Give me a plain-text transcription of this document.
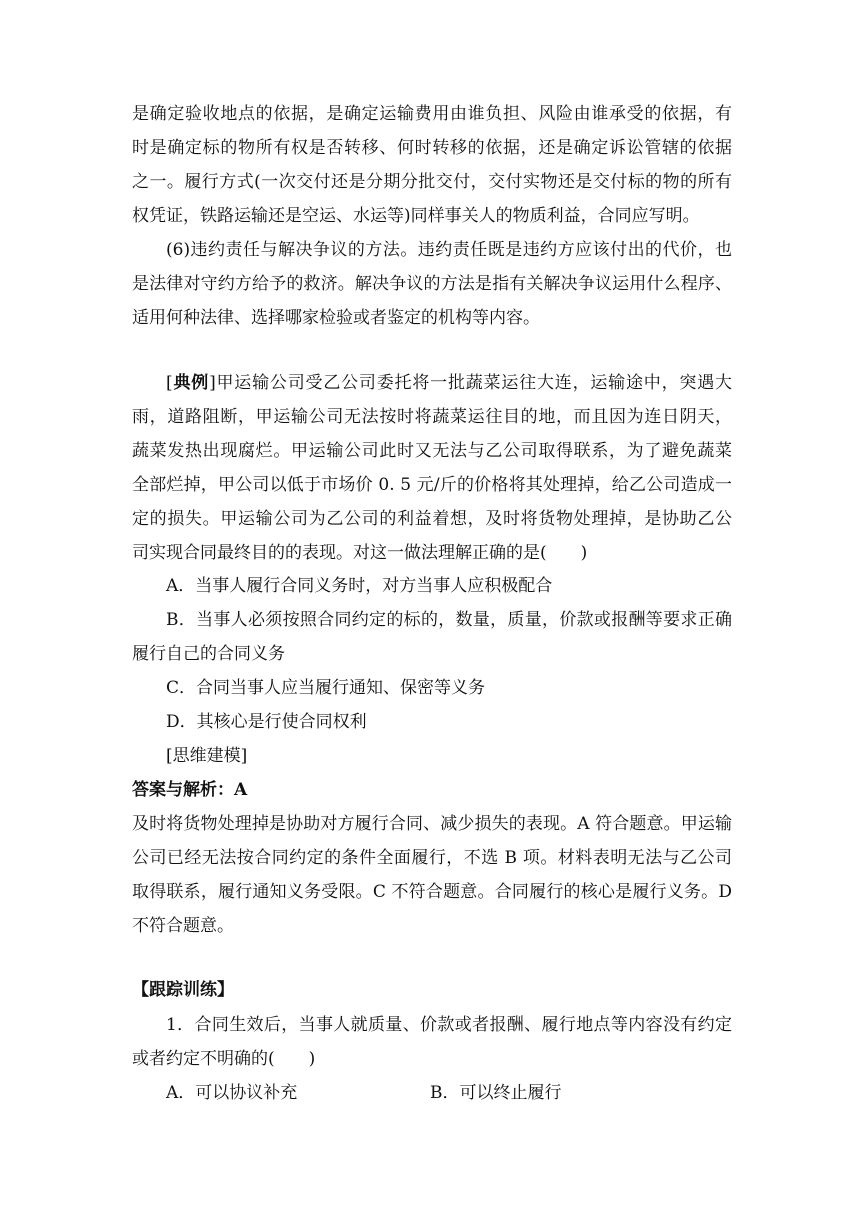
是确定验收地点的依据，是确定运输费用由谁负担、风险由谁承受的依据，有
时是确定标的物所有权是否转移、何时转移的依据，还是确定诉讼管辖的依据
之一。履行方式(一次交付还是分期分批交付，交付实物还是交付标的物的所有
权凭证，铁路运输还是空运、水运等)同样事关人的物质利益，合同应写明。
(6)违约责任与解决争议的方法。违约责任既是违约方应该付出的代价，也
是法律对守约方给予的救济。解决争议的方法是指有关解决争议运用什么程序、
适用何种法律、选择哪家检验或者鉴定的机构等内容。
[典例]甲运输公司受乙公司委托将一批蔬菜运往大连，运输途中，突遇大
雨，道路阻断，甲运输公司无法按时将蔬菜运往目的地，而且因为连日阴天，
蔬菜发热出现腐烂。甲运输公司此时又无法与乙公司取得联系，为了避免蔬菜
全部烂掉，甲公司以低于市场价 0. 5 元/斤的价格将其处理掉，给乙公司造成一
定的损失。甲运输公司为乙公司的利益着想，及时将货物处理掉，是协助乙公
司实现合同最终目的的表现。对这一做法理解正确的是(　　)
A．当事人履行合同义务时，对方当事人应积极配合
B．当事人必须按照合同约定的标的，数量，质量，价款或报酬等要求正确
履行自己的合同义务
C．合同当事人应当履行通知、保密等义务
D．其核心是行使合同权利
[思维建模]
答案与解析：A
及时将货物处理掉是协助对方履行合同、减少损失的表现。A 符合题意。甲运输
公司已经无法按合同约定的条件全面履行，不选 B 项。材料表明无法与乙公司
取得联系，履行通知义务受限。C 不符合题意。合同履行的核心是履行义务。D
不符合题意。
【跟踪训练】
1．合同生效后，当事人就质量、价款或者报酬、履行地点等内容没有约定
或者约定不明确的(　　)
A．可以协议补充	B．可以终止履行
